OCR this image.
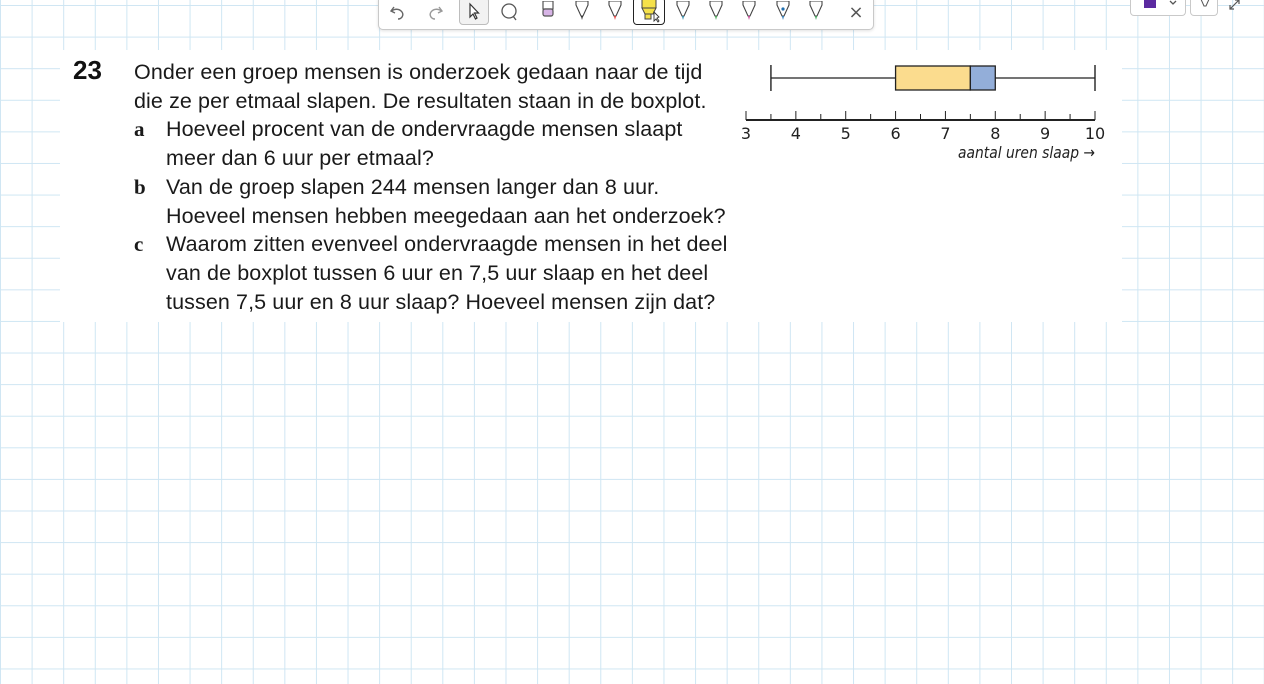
×
23 Onder een groep mensen is onderzoek gedaan naar de tijd
die ze per etmaal slapen. De resultaten staan in de boxplot.
a Hoeveel procent van de ondervraagde mensen slaapt
meer dan 6 uur per etmaal?
b Van de groep slapen 244 mensen langer dan 8 uur.
Hoeveel mensen hebben meegedaan aan het onderzoek?
c Waarom zitten evenveel ondervraagde mensen in het deel
van de boxplot tussen 6 uur en 7,5 uur slaap en het deel
tussen 7,5 uur en 8 uur slaap? Hoeveel mensen zijn dat?
3 4 5 6 7 8 9 10
aantal uren slaap →
